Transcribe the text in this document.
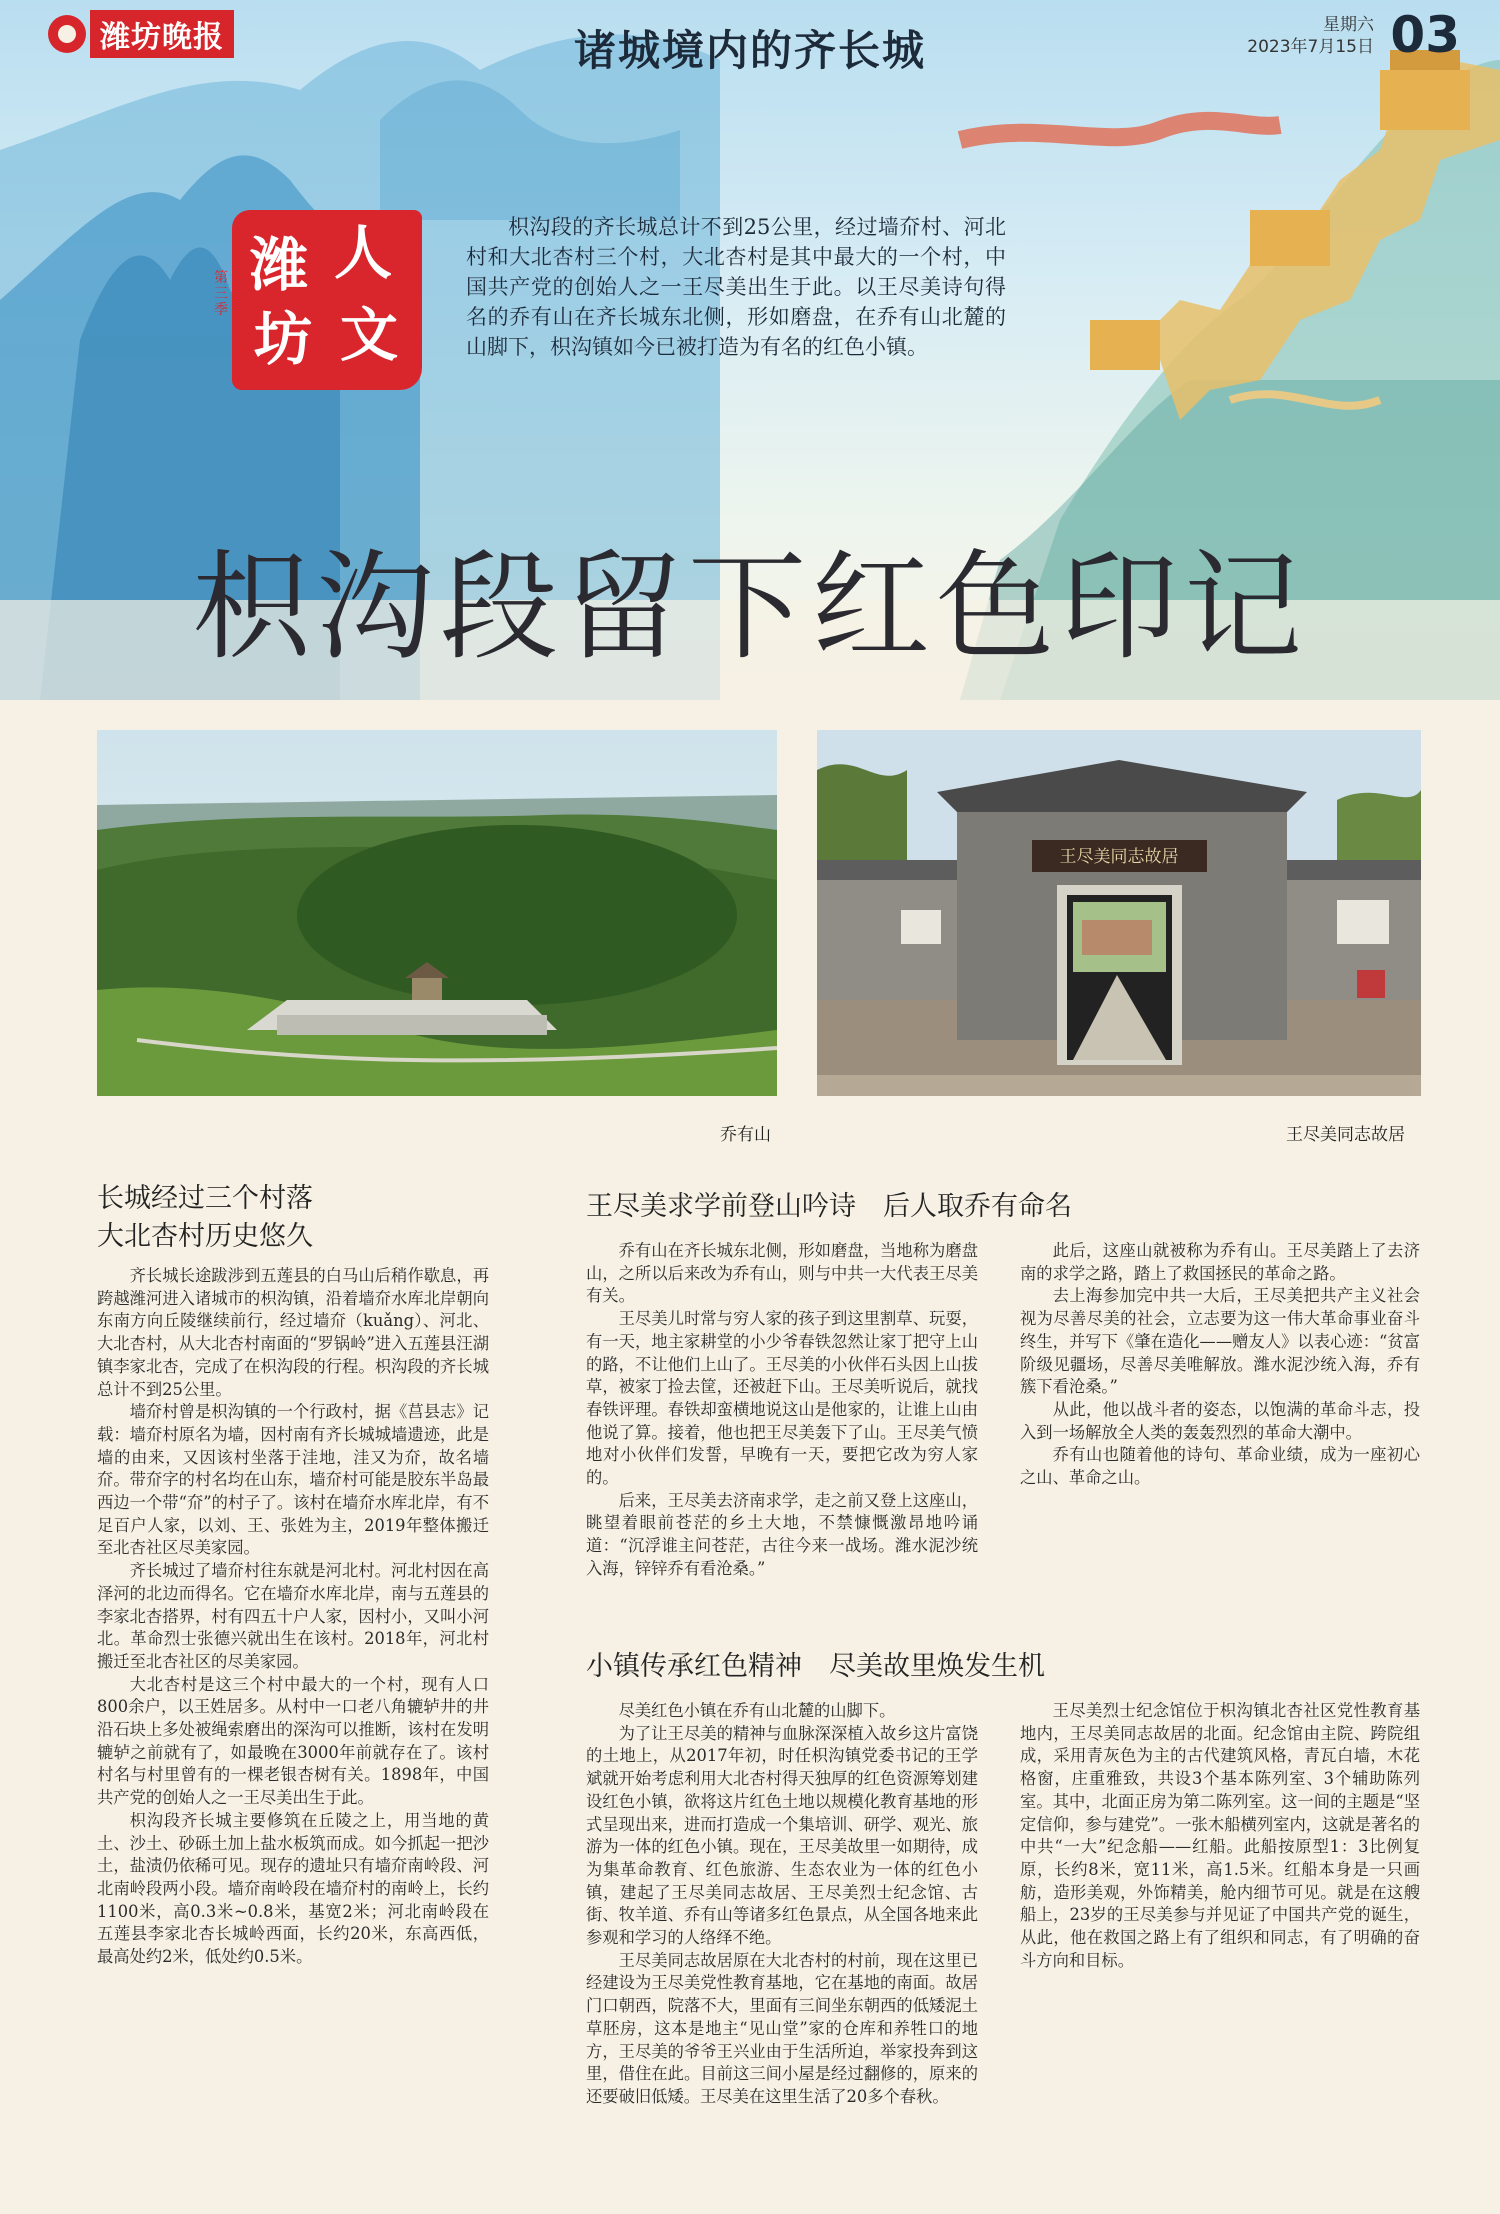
潍坊晚报	诸城境内的齐长城
星期六
2023年7月15日 03
第三季
潍 人
坊 文
枳沟段的齐长城总计不到25公里，经过墙夼村、河北村和大北杏村三个村，大北杏村是其中最大的一个村，中国共产党的创始人之一王尽美出生于此。以王尽美诗句得名的乔有山在齐长城东北侧，形如磨盘，在乔有山北麓的山脚下，枳沟镇如今已被打造为有名的红色小镇。
枳沟段留下红色印记
乔有山
王尽美同志故居
王尽美同志故居
长城经过三个村落
大北杏村历史悠久

齐长城长途跋涉到五莲县的白马山后稍作歇息，再跨越潍河进入诸城市的枳沟镇，沿着墙夼水库北岸朝向东南方向丘陵继续前行，经过墙夼（kuǎng）、河北、大北杏村，从大北杏村南面的“罗锅岭”进入五莲县汪湖镇李家北杏，完成了在枳沟段的行程。枳沟段的齐长城总计不到25公里。

墙夼村曾是枳沟镇的一个行政村，据《莒县志》记载：墙夼村原名为墙，因村南有齐长城城墙遗迹，此是墙的由来，又因该村坐落于洼地，洼又为夼，故名墙夼。带夼字的村名均在山东，墙夼村可能是胶东半岛最西边一个带“夼”的村子了。该村在墙夼水库北岸，有不足百户人家，以刘、王、张姓为主，2019年整体搬迁至北杏社区尽美家园。

齐长城过了墙夼村往东就是河北村。河北村因在高泽河的北边而得名。它在墙夼水库北岸，南与五莲县的李家北杏搭界，村有四五十户人家，因村小，又叫小河北。革命烈士张德兴就出生在该村。2018年，河北村搬迁至北杏社区的尽美家园。

大北杏村是这三个村中最大的一个村，现有人口800余户，以王姓居多。从村中一口老八角辘轳井的井沿石块上多处被绳索磨出的深沟可以推断，该村在发明辘轳之前就有了，如最晚在3000年前就存在了。该村村名与村里曾有的一棵老银杏树有关。1898年，中国共产党的创始人之一王尽美出生于此。

枳沟段齐长城主要修筑在丘陵之上，用当地的黄土、沙土、砂砾土加上盐水板筑而成。如今抓起一把沙土，盐渍仍依稀可见。现存的遗址只有墙夼南岭段、河北南岭段两小段。墙夼南岭段在墙夼村的南岭上，长约1100米，高0.3米~0.8米，基宽2米；河北南岭段在五莲县李家北杏长城岭西面，长约20米，东高西低，最高处约2米，低处约0.5米。

王尽美求学前登山吟诗　后人取乔有命名

乔有山在齐长城东北侧，形如磨盘，当地称为磨盘山，之所以后来改为乔有山，则与中共一大代表王尽美有关。

王尽美儿时常与穷人家的孩子到这里割草、玩耍，有一天，地主家耕堂的小少爷春铁忽然让家丁把守上山的路，不让他们上山了。王尽美的小伙伴石头因上山拔草，被家丁捡去筐，还被赶下山。王尽美听说后，就找春铁评理。春铁却蛮横地说这山是他家的，让谁上山由他说了算。接着，他也把王尽美轰下了山。王尽美气愤地对小伙伴们发誓，早晚有一天，要把它改为穷人家的。

后来，王尽美去济南求学，走之前又登上这座山，眺望着眼前苍茫的乡土大地，不禁慷慨激昂地吟诵道：“沉浮谁主问苍茫，古往今来一战场。潍水泥沙统入海，锌锌乔有看沧桑。”

此后，这座山就被称为乔有山。王尽美踏上了去济南的求学之路，踏上了救国拯民的革命之路。

去上海参加完中共一大后，王尽美把共产主义社会视为尽善尽美的社会，立志要为这一伟大革命事业奋斗终生，并写下《肇在造化——赠友人》以表心迹：“贫富阶级见疆场，尽善尽美唯解放。潍水泥沙统入海，乔有簇下看沧桑。”

从此，他以战斗者的姿态，以饱满的革命斗志，投入到一场解放全人类的轰轰烈烈的革命大潮中。

乔有山也随着他的诗句、革命业绩，成为一座初心之山、革命之山。

小镇传承红色精神　尽美故里焕发生机

尽美红色小镇在乔有山北麓的山脚下。

为了让王尽美的精神与血脉深深植入故乡这片富饶的土地上，从2017年初，时任枳沟镇党委书记的王学斌就开始考虑利用大北杏村得天独厚的红色资源筹划建设红色小镇，欲将这片红色土地以规模化教育基地的形式呈现出来，进而打造成一个集培训、研学、观光、旅游为一体的红色小镇。现在，王尽美故里一如期待，成为集革命教育、红色旅游、生态农业为一体的红色小镇，建起了王尽美同志故居、王尽美烈士纪念馆、古街、牧羊道、乔有山等诸多红色景点，从全国各地来此参观和学习的人络绎不绝。

王尽美同志故居原在大北杏村的村前，现在这里已经建设为王尽美党性教育基地，它在基地的南面。故居门口朝西，院落不大，里面有三间坐东朝西的低矮泥土草胚房，这本是地主“见山堂”家的仓库和养牲口的地方，王尽美的爷爷王兴业由于生活所迫，举家投奔到这里，借住在此。目前这三间小屋是经过翻修的，原来的还要破旧低矮。王尽美在这里生活了20多个春秋。

王尽美烈士纪念馆位于枳沟镇北杏社区党性教育基地内，王尽美同志故居的北面。纪念馆由主院、跨院组成，采用青灰色为主的古代建筑风格，青瓦白墙，木花格窗，庄重雅致，共设3个基本陈列室、3个辅助陈列室。其中，北面正房为第二陈列室。这一间的主题是“坚定信仰，参与建党”。一张木船横列室内，这就是著名的中共“一大”纪念船——红船。此船按原型1：3比例复原，长约8米，宽11米，高1.5米。红船本身是一只画舫，造形美观，外饰精美，舱内细节可见。就是在这艘船上，23岁的王尽美参与并见证了中国共产党的诞生，从此，他在救国之路上有了组织和同志，有了明确的奋斗方向和目标。
